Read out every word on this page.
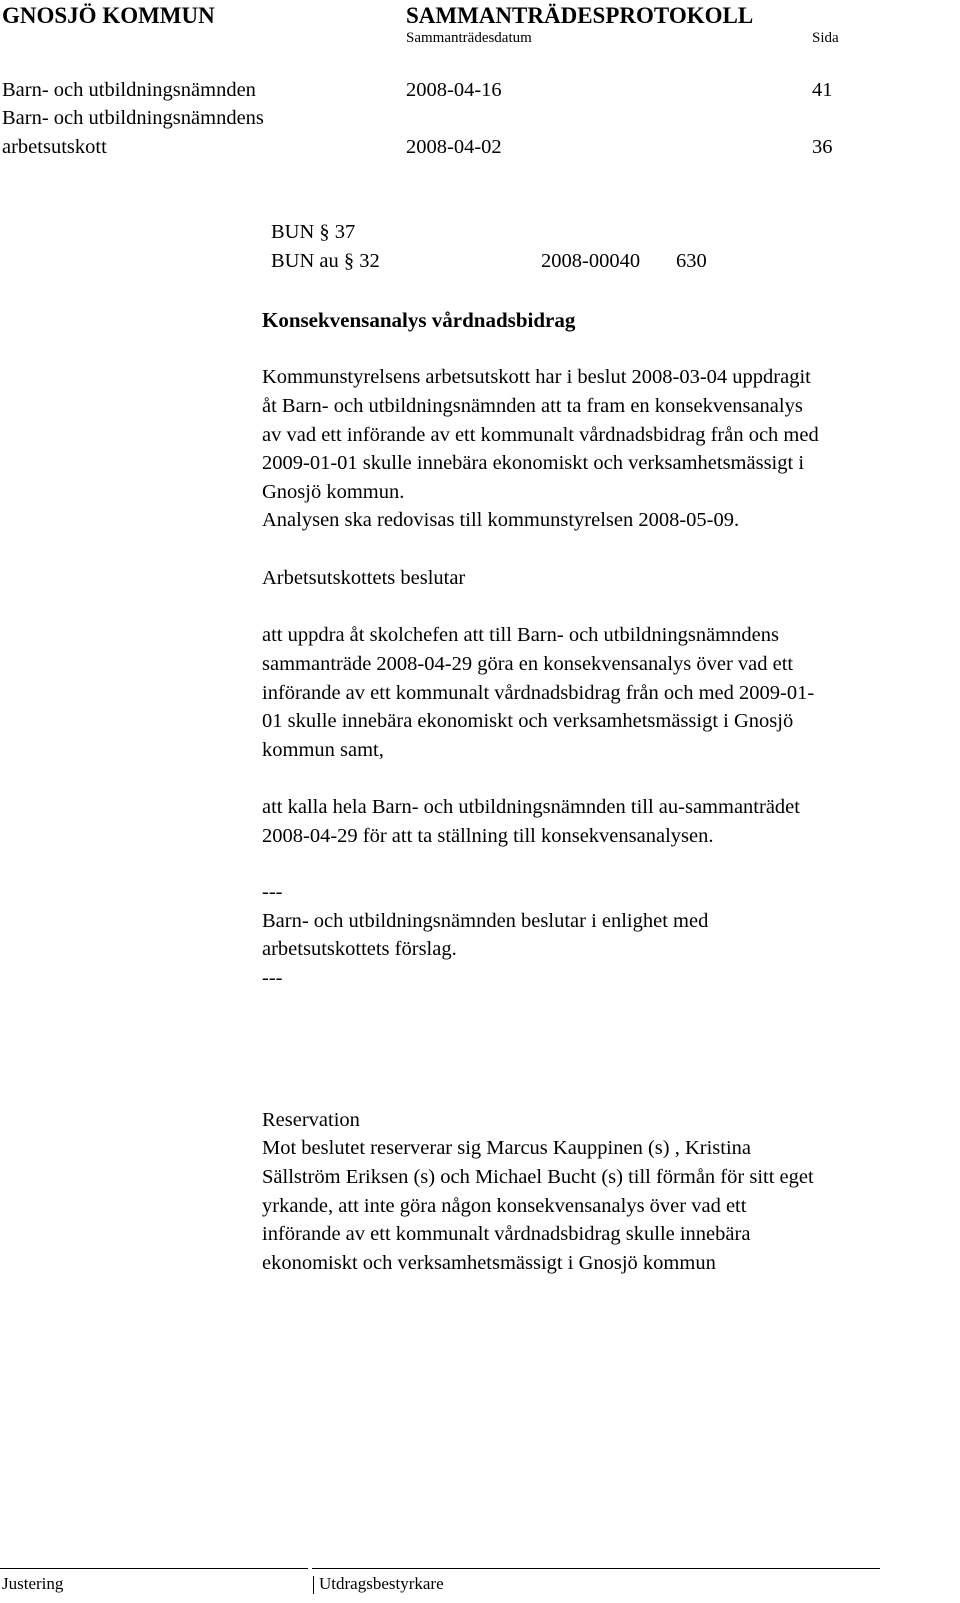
GNOSJÖ KOMMUN	SAMMANTRÄDESPROTOKOLL
Sammanträdesdatum	Sida
Barn- och utbildningsnämnden	2008-04-16	41
Barn- och utbildningsnämndens
arbetsutskott	2008-04-02	36
BUN § 37
BUN au § 32	2008-00040 630
Konsekvensanalys vårdnadsbidrag
Kommunstyrelsens arbetsutskott har i beslut 2008-03-04 uppdragit
åt Barn- och utbildningsnämnden att ta fram en konsekvensanalys
av vad ett införande av ett kommunalt vårdnadsbidrag från och med
2009-01-01 skulle innebära ekonomiskt och verksamhetsmässigt i
Gnosjö kommun.
Analysen ska redovisas till kommunstyrelsen 2008-05-09.
Arbetsutskottets beslutar
att uppdra åt skolchefen att till Barn- och utbildningsnämndens
sammanträde 2008-04-29 göra en konsekvensanalys över vad ett
införande av ett kommunalt vårdnadsbidrag från och med 2009-01-
01 skulle innebära ekonomiskt och verksamhetsmässigt i Gnosjö
kommun samt,
att kalla hela Barn- och utbildningsnämnden till au-sammanträdet
2008-04-29 för att ta ställning till konsekvensanalysen.
---
Barn- och utbildningsnämnden beslutar i enlighet med
arbetsutskottets förslag.
---
Reservation
Mot beslutet reserverar sig Marcus Kauppinen (s) , Kristina
Sällström Eriksen (s) och Michael Bucht (s) till förmån för sitt eget
yrkande, att inte göra någon konsekvensanalys över vad ett
införande av ett kommunalt vårdnadsbidrag skulle innebära
ekonomiskt och verksamhetsmässigt i Gnosjö kommun
Justering	Utdragsbestyrkare
